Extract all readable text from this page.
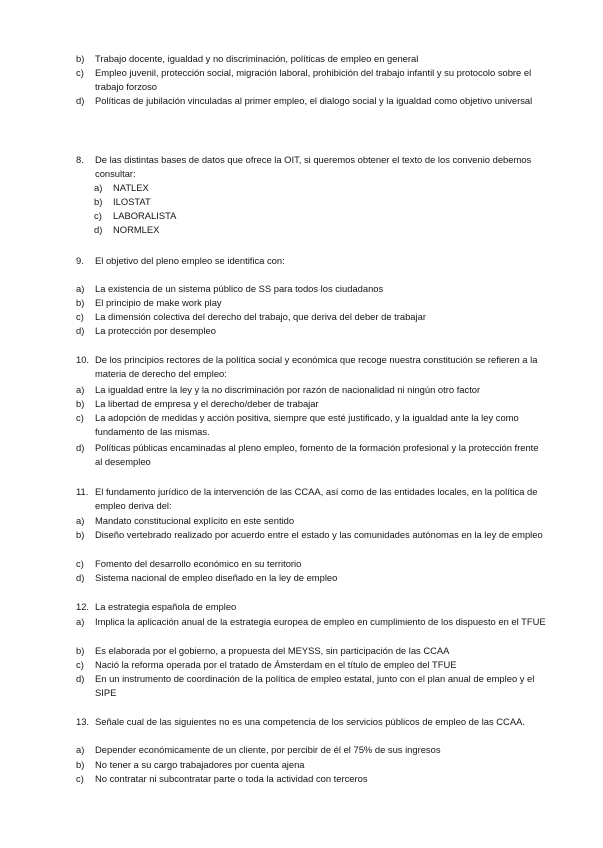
b)	Trabajo docente, igualdad y no discriminación, políticas de empleo en general
c)	Empleo juvenil, protección social, migración laboral, prohibición del trabajo infantil y su protocolo sobre el trabajo forzoso
d)	Políticas de jubilación vinculadas al primer empleo, el dialogo social y la igualdad como objetivo universal
8.	De las distintas bases de datos que ofrece la OIT, si queremos obtener el texto de los convenio debemos consultar:
a)	NATLEX
b)	ILOSTAT
c)	LABORALISTA
d)	NORMLEX
9.	El objetivo del pleno empleo se identifica con:
a)	La existencia de un sistema público de SS para todos los ciudadanos
b)	El principio de make work play
c)	La dimensión colectiva del derecho del trabajo, que deriva del deber de trabajar
d)	La protección por desempleo
10. De los principios rectores de la política social y económica que recoge nuestra constitución se refieren a la materia de derecho del empleo:
a)	La igualdad entre la ley y la no discriminación por razón de nacionalidad ni ningún otro factor
b)	La libertad de empresa y el derecho/deber de trabajar
c)	La adopción de medidas y acción positiva, siempre que esté justificado, y la igualdad ante la ley como fundamento de las mismas.
d)	Políticas públicas encaminadas al pleno empleo, fomento de la formación profesional y la protección frente al desempleo
11. El fundamento jurídico de la intervención de las CCAA, así como de las entidades locales, en la política de empleo deriva del:
a)	Mandato constitucional explícito en este sentido
b)	Diseño vertebrado realizado por acuerdo entre el estado y las comunidades autónomas en la ley de empleo
c)	Fomento del desarrollo económico en su territorio
d)	Sistema nacional de empleo diseñado en la ley de empleo
12. La estrategia española de empleo
a)	Implica la aplicación anual de la estrategia europea de empleo en cumplimiento de los dispuesto en el TFUE
b)	Es elaborada por el gobierno, a propuesta del MEYSS, sin participación de las CCAA
c)	Nació la reforma operada por el tratado de Ámsterdam en el título de empleo del TFUE
d)	En un instrumento de coordinación de la política de empleo estatal, junto con el plan anual de empleo y el SIPE
13. Señale cual de las siguientes no es una competencia de los servicios públicos de empleo de las CCAA.
a)	Depender económicamente de un cliente, por percibir de él el 75% de sus ingresos
b)	No tener a su cargo trabajadores por cuenta ajena
c)	No contratar ni subcontratar parte o toda la actividad con terceros
